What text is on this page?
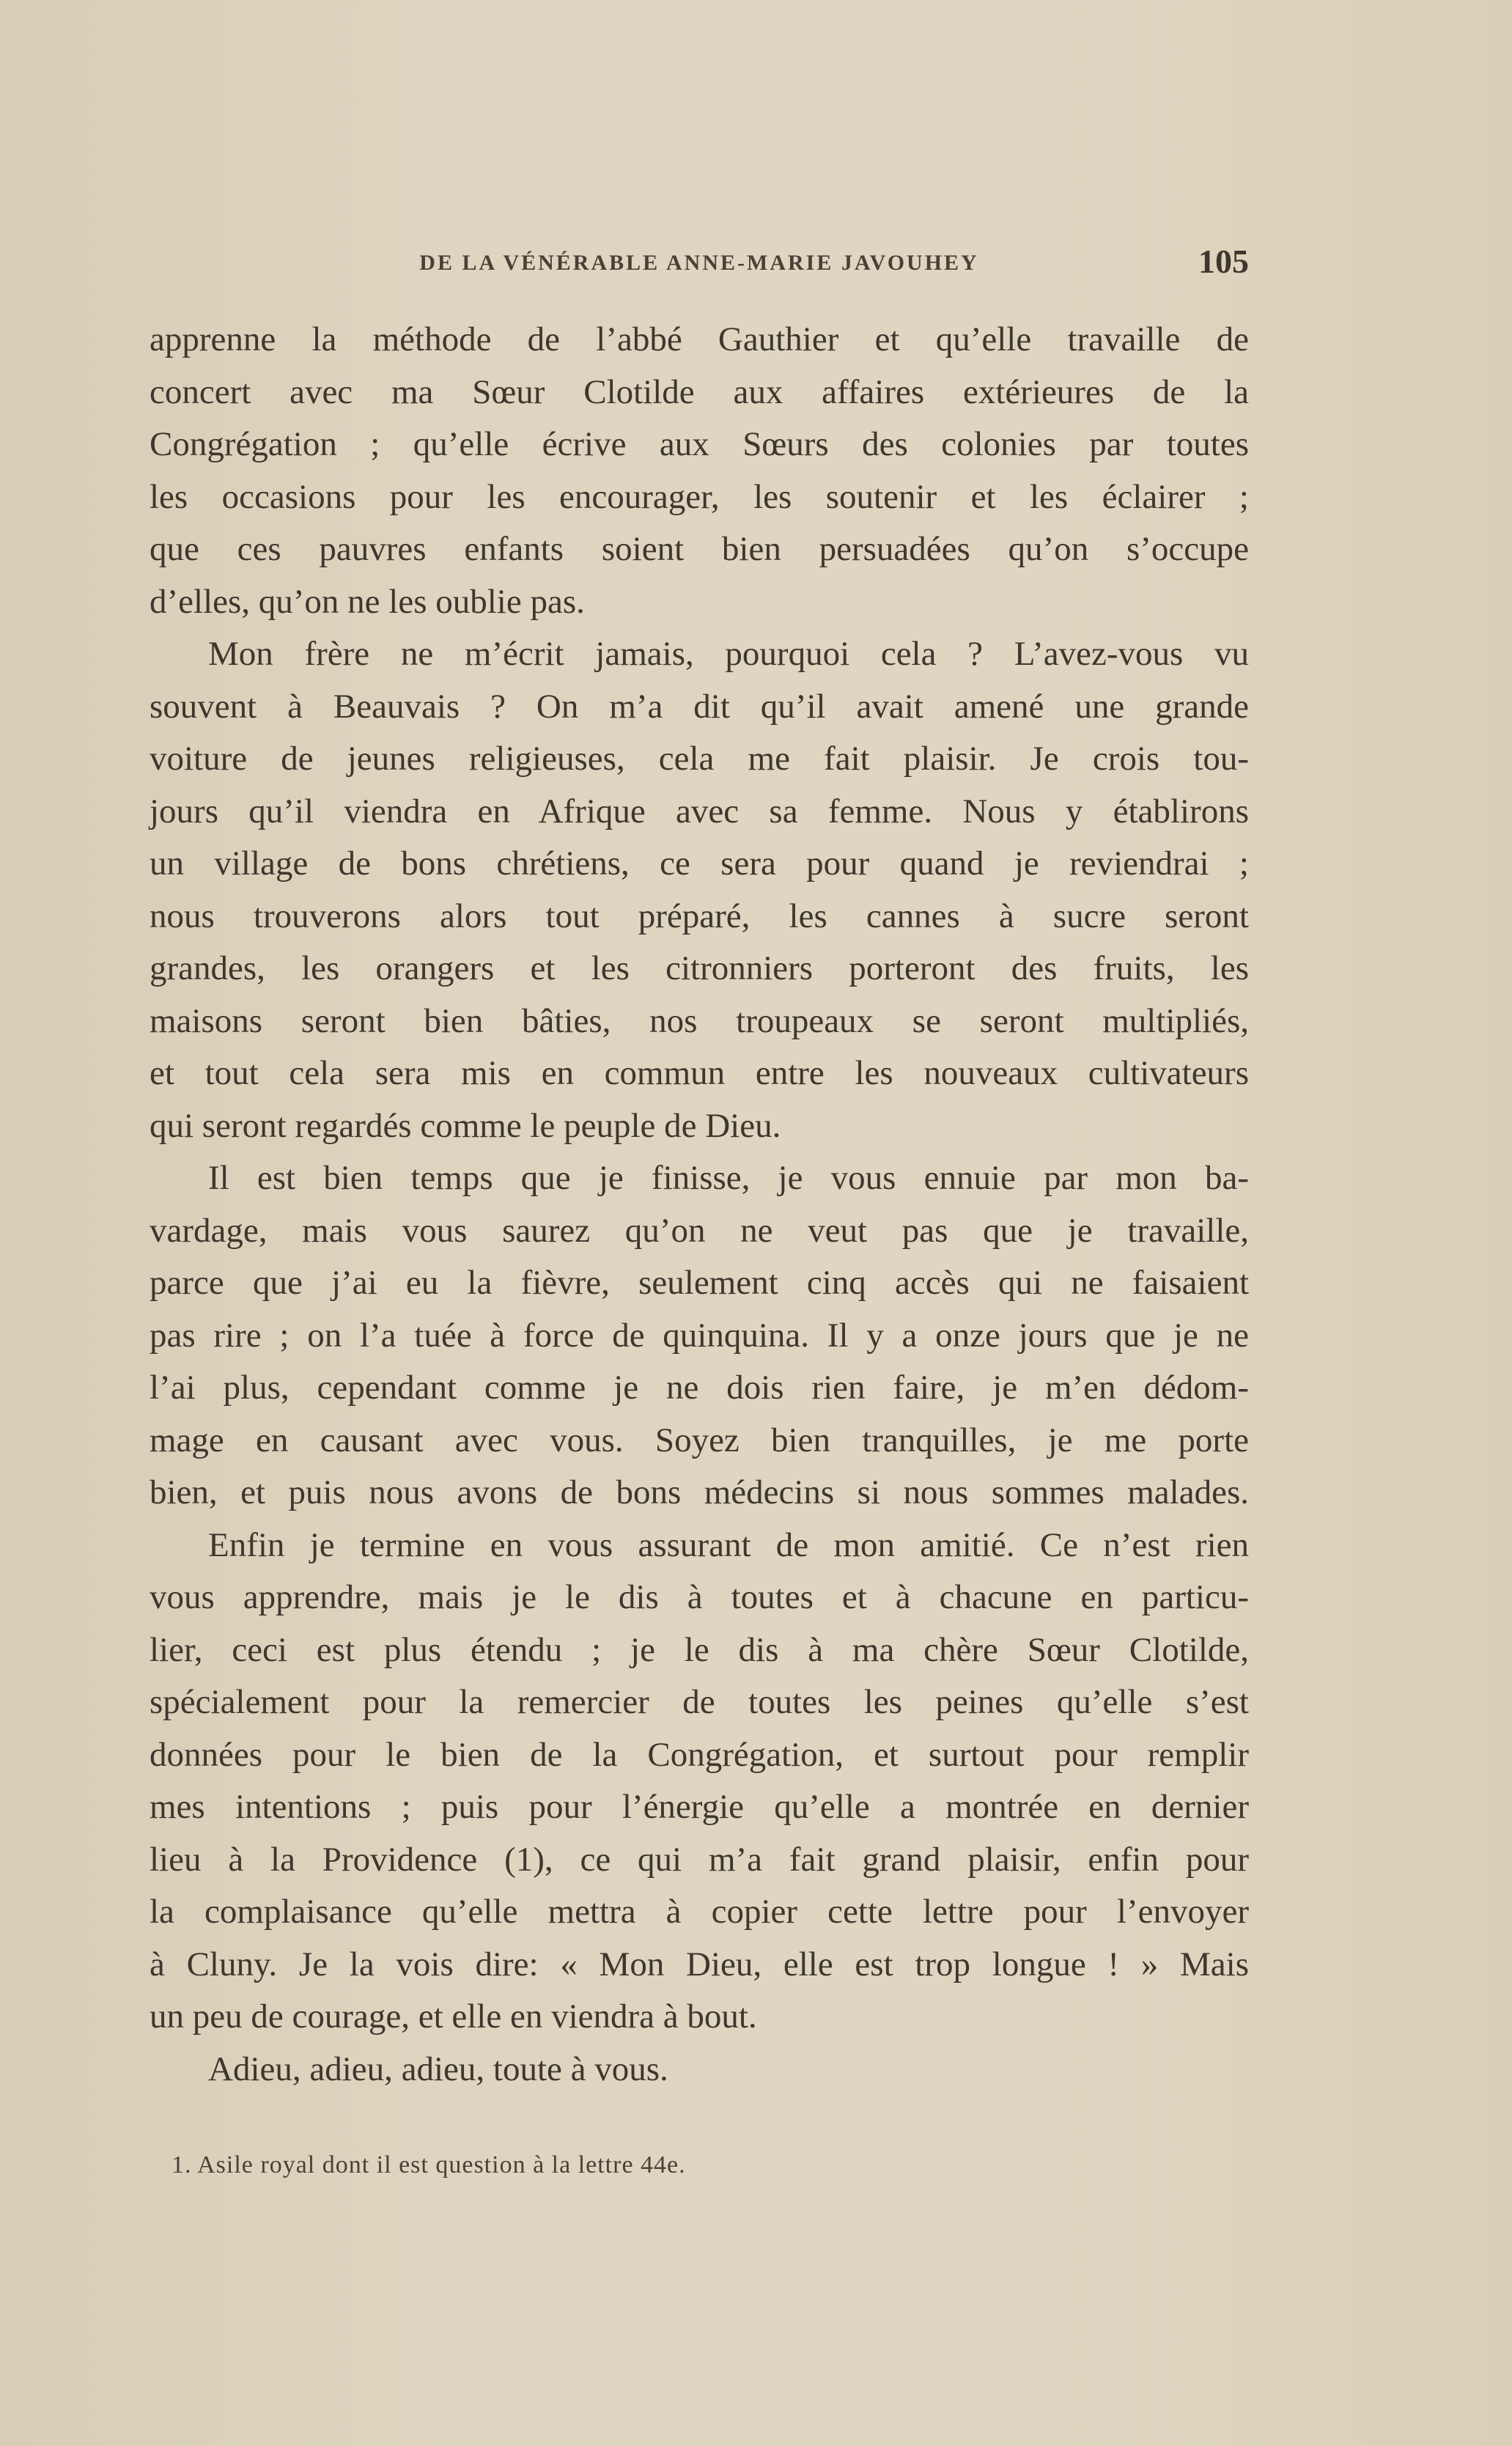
DE LA VÉNÉRABLE ANNE-MARIE JAVOUHEY	105
apprenne la méthode de l’abbé Gauthier et qu’elle travaille de
concert avec ma Sœur Clotilde aux affaires extérieures de la
Congrégation ; qu’elle écrive aux Sœurs des colonies par toutes
les occasions pour les encourager, les soutenir et les éclairer ;
que ces pauvres enfants soient bien persuadées qu’on s’occupe
d’elles, qu’on ne les oublie pas.
Mon frère ne m’écrit jamais, pourquoi cela ? L’avez-vous vu
souvent à Beauvais ? On m’a dit qu’il avait amené une grande
voiture de jeunes religieuses, cela me fait plaisir. Je crois tou-
jours qu’il viendra en Afrique avec sa femme. Nous y établirons
un village de bons chrétiens, ce sera pour quand je reviendrai ;
nous trouverons alors tout préparé, les cannes à sucre seront
grandes, les orangers et les citronniers porteront des fruits, les
maisons seront bien bâties, nos troupeaux se seront multipliés,
et tout cela sera mis en commun entre les nouveaux cultivateurs
qui seront regardés comme le peuple de Dieu.
Il est bien temps que je finisse, je vous ennuie par mon ba-
vardage, mais vous saurez qu’on ne veut pas que je travaille,
parce que j’ai eu la fièvre, seulement cinq accès qui ne faisaient
pas rire ; on l’a tuée à force de quinquina. Il y a onze jours que je ne
l’ai plus, cependant comme je ne dois rien faire, je m’en dédom-
mage en causant avec vous. Soyez bien tranquilles, je me porte
bien, et puis nous avons de bons médecins si nous sommes malades.
Enfin je termine en vous assurant de mon amitié. Ce n’est rien
vous apprendre, mais je le dis à toutes et à chacune en particu-
lier, ceci est plus étendu ; je le dis à ma chère Sœur Clotilde,
spécialement pour la remercier de toutes les peines qu’elle s’est
données pour le bien de la Congrégation, et surtout pour remplir
mes intentions ; puis pour l’énergie qu’elle a montrée en dernier
lieu à la Providence (1), ce qui m’a fait grand plaisir, enfin pour
la complaisance qu’elle mettra à copier cette lettre pour l’envoyer
à Cluny. Je la vois dire: « Mon Dieu, elle est trop longue ! » Mais
un peu de courage, et elle en viendra à bout.
Adieu, adieu, adieu, toute à vous.
1. Asile royal dont il est question à la lettre 44e.
